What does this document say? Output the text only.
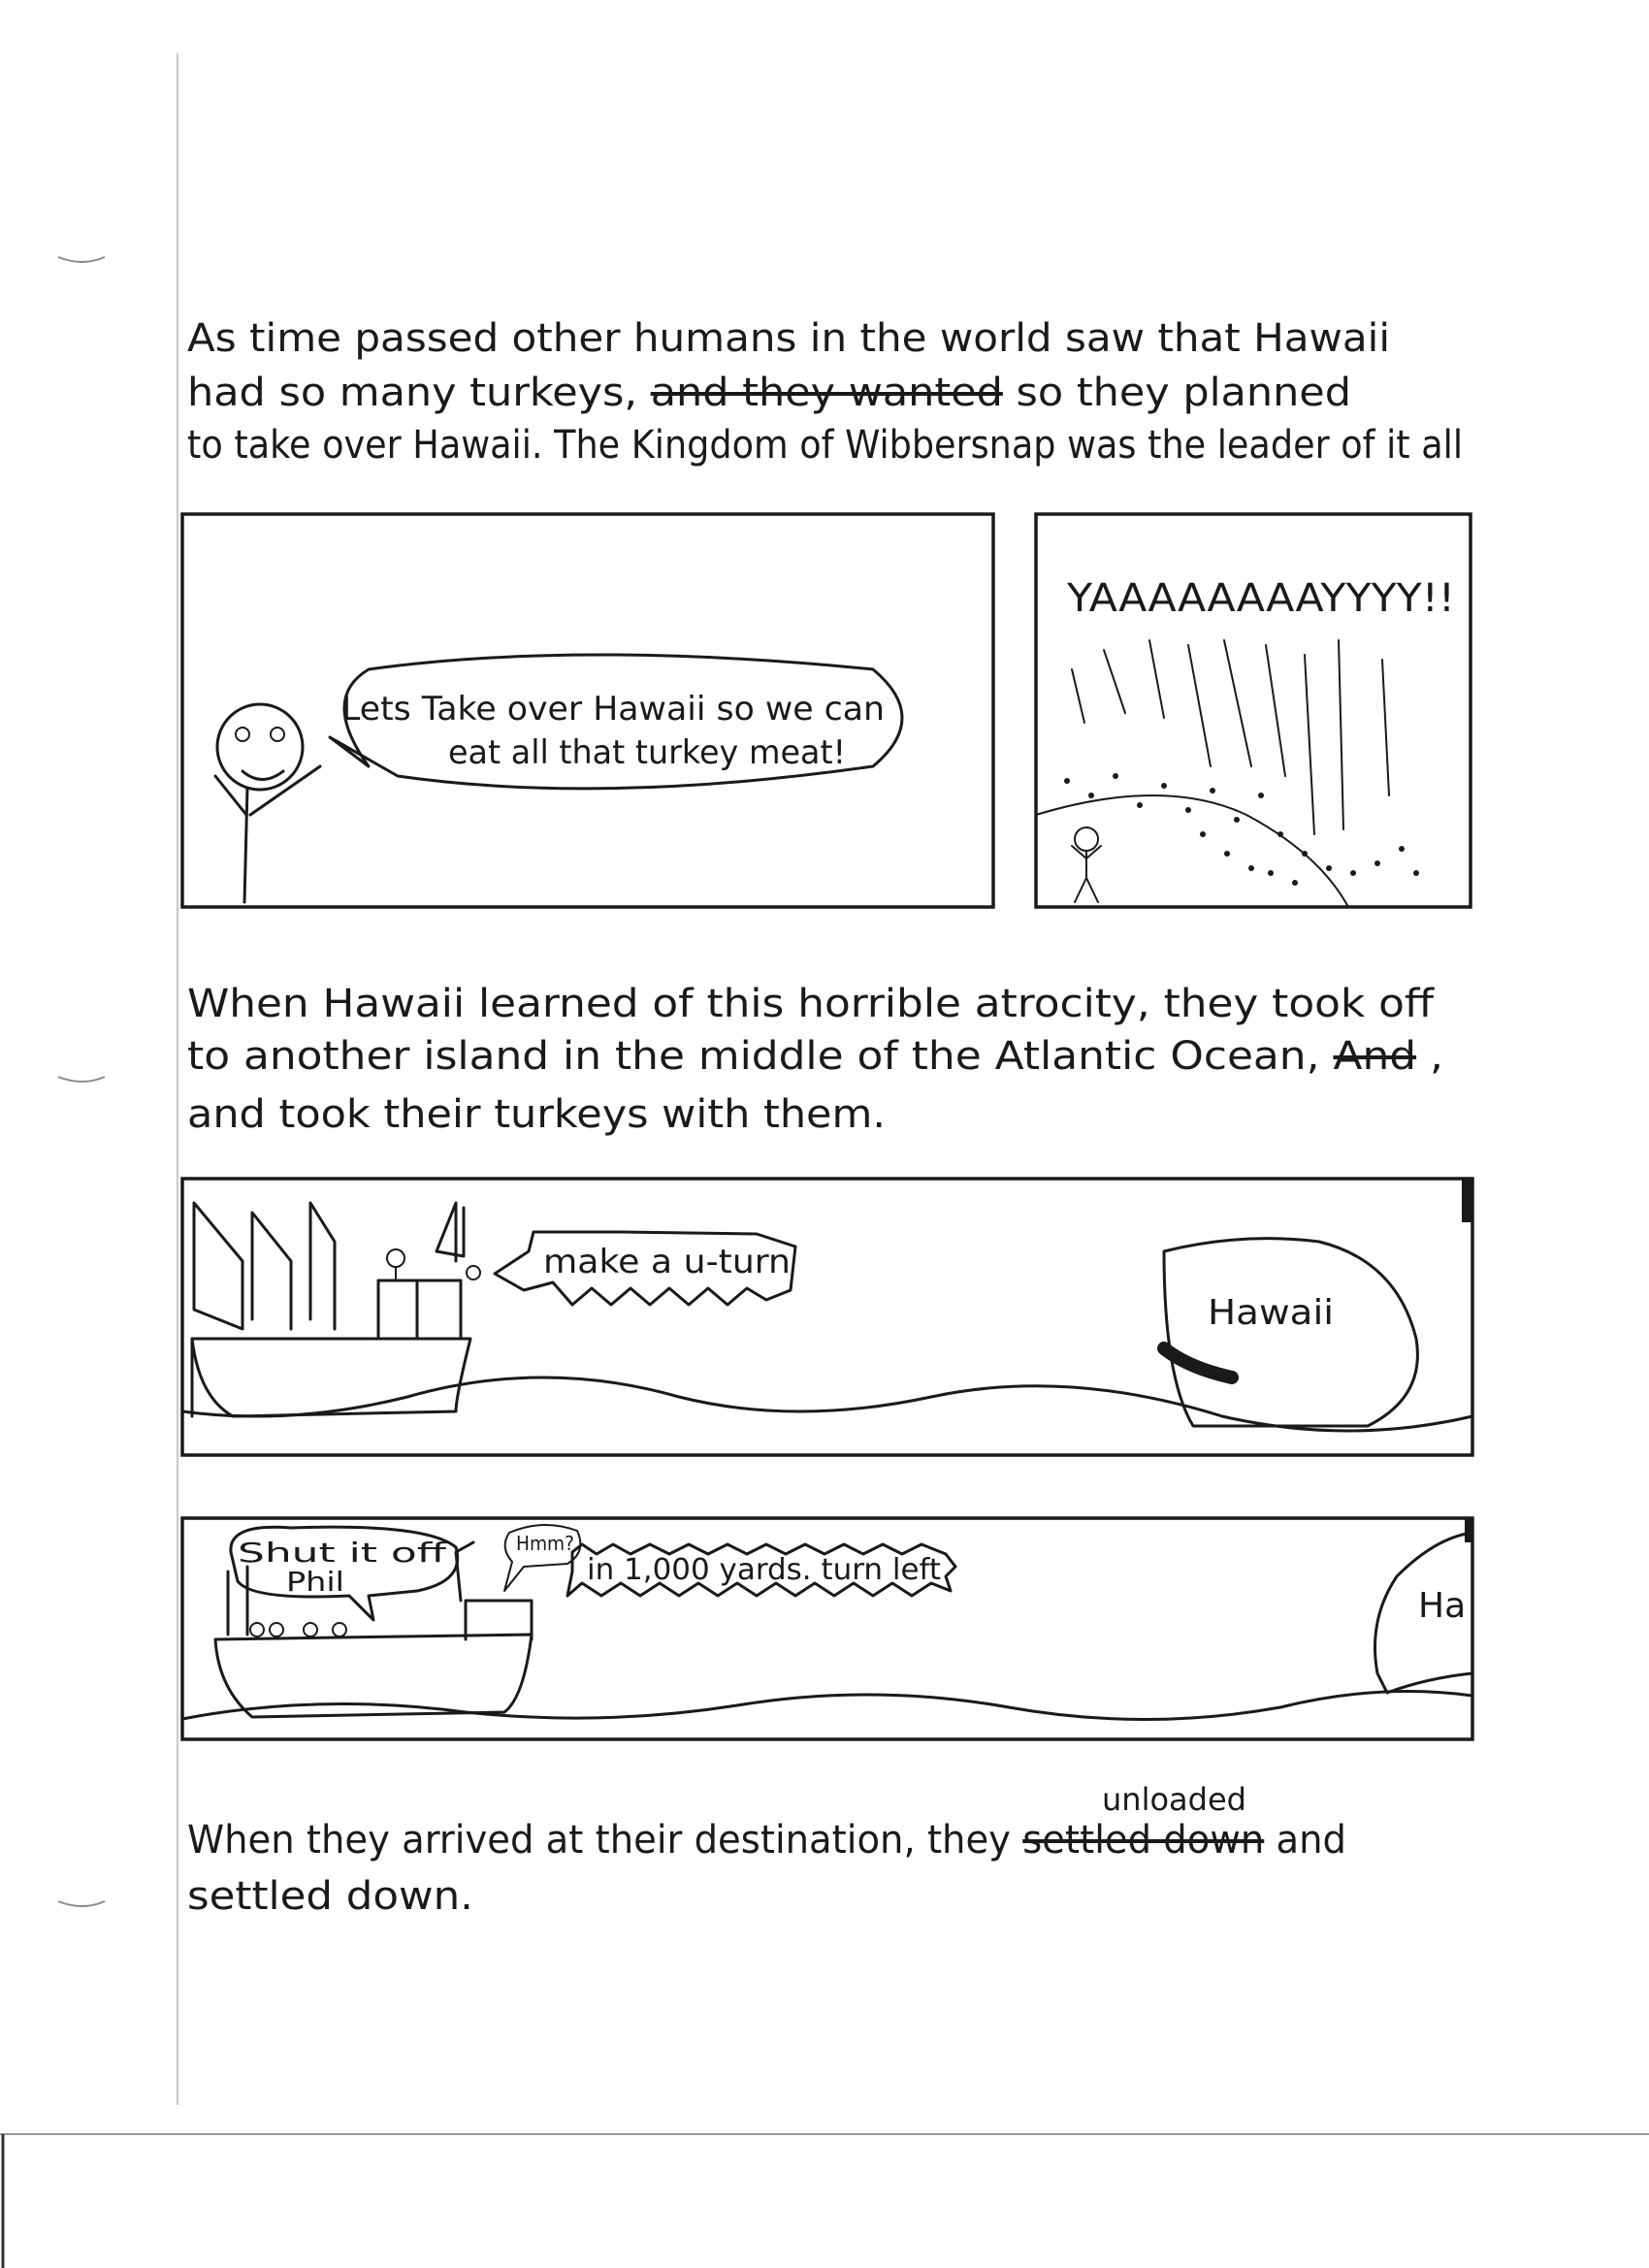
As time passed other humans in the world saw that Hawaii
had so many turkeys, and they wanted so they planned
to take over Hawaii. The Kingdom of Wibbersnap was the leader of it all
Lets Take over Hawaii so we can
eat all that turkey meat!
YAAAAAAAAYYYY!!
When Hawaii learned of this horrible atrocity, they took off
to another island in the middle of the Atlantic Ocean,	And ,
and took their turkeys with them.
make a u-turn
Hawaii
Shut it off
Phil
Hmm?
in 1,000 yards. turn left
Ha
unloaded
When they arrived at their destination, they settled down and
settled down.
